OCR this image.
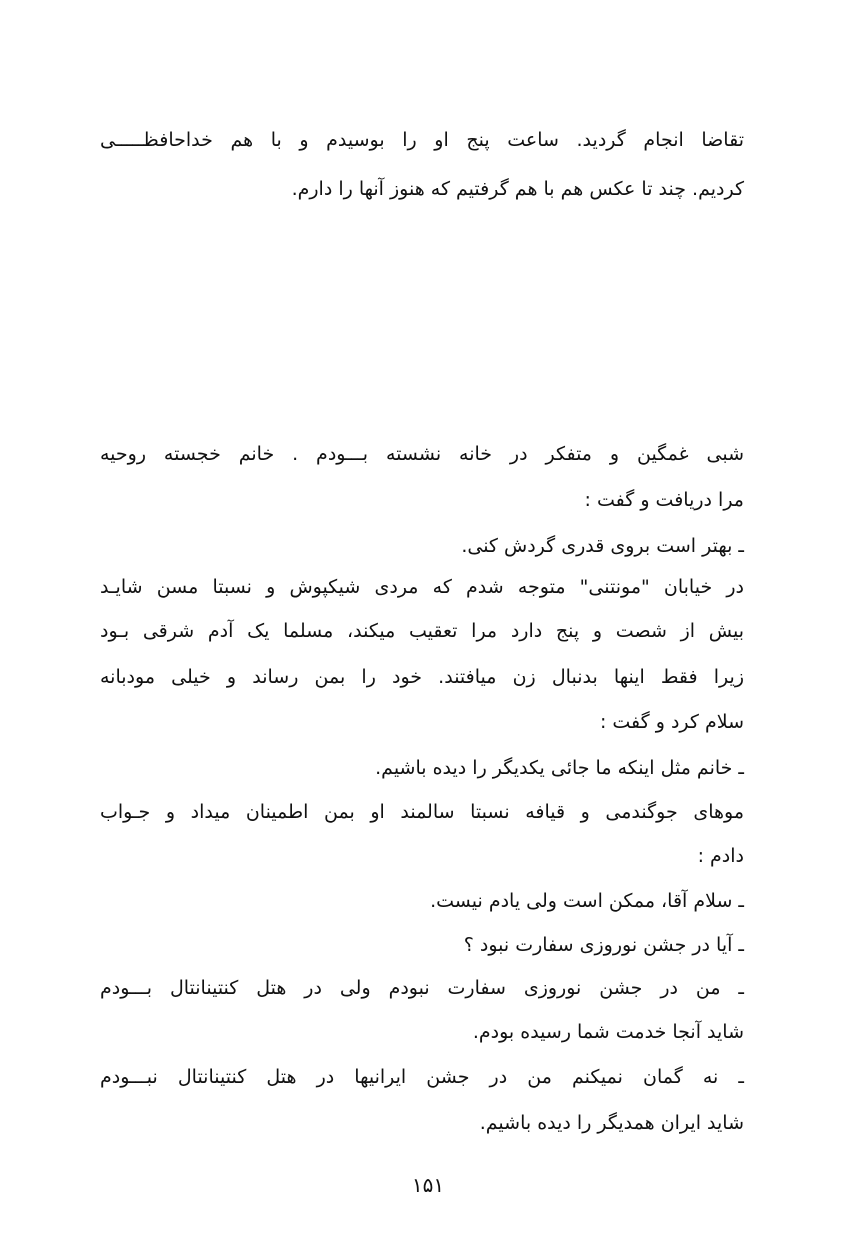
تقاضا انجام گردید. ساعت پنج او را بوسیدم و با هم خداحافظـــــی
کردیم. چند تا عکس هم با هم گرفتیم که هنوز آنها را دارم.
شبی غمگین و متفکر در خانه نشسته بـــودم . خانم خجسته روحیه
مرا دریافت و گفت :
ـ بهتر است بروی قدری گردش کنی.
در خیابان "مونتنی" متوجه شدم که مردی شیکپوش و نسبتا مسن شایـد
بیش از شصت و پنج دارد مرا تعقیب میکند، مسلما یک آدم شرقی بـود
زیرا فقط اینها بدنبال زن میافتند. خود را بمن رساند و خیلی مودبانه
سلام کرد و گفت :
ـ خانم مثل اینکه ما جائی یکدیگر را دیده باشیم.
موهای جوگندمی و قیافه نسبتا سالمند او بمن اطمینان میداد و جـواب
دادم :
ـ سلام آقا، ممکن است ولی یادم نیست.
ـ آیا در جشن نوروزی سفارت نبود ؟
ـ من در جشن نوروزی سفارت نبودم ولی در هتل کنتینانتال بـــودم
شاید آنجا خدمت شما رسیده بودم.
ـ نه گمان نمیکنم من در جشن ایرانیها در هتل کنتینانتال نبـــودم
شاید ایران همدیگر را دیده باشیم.
۱۵۱
